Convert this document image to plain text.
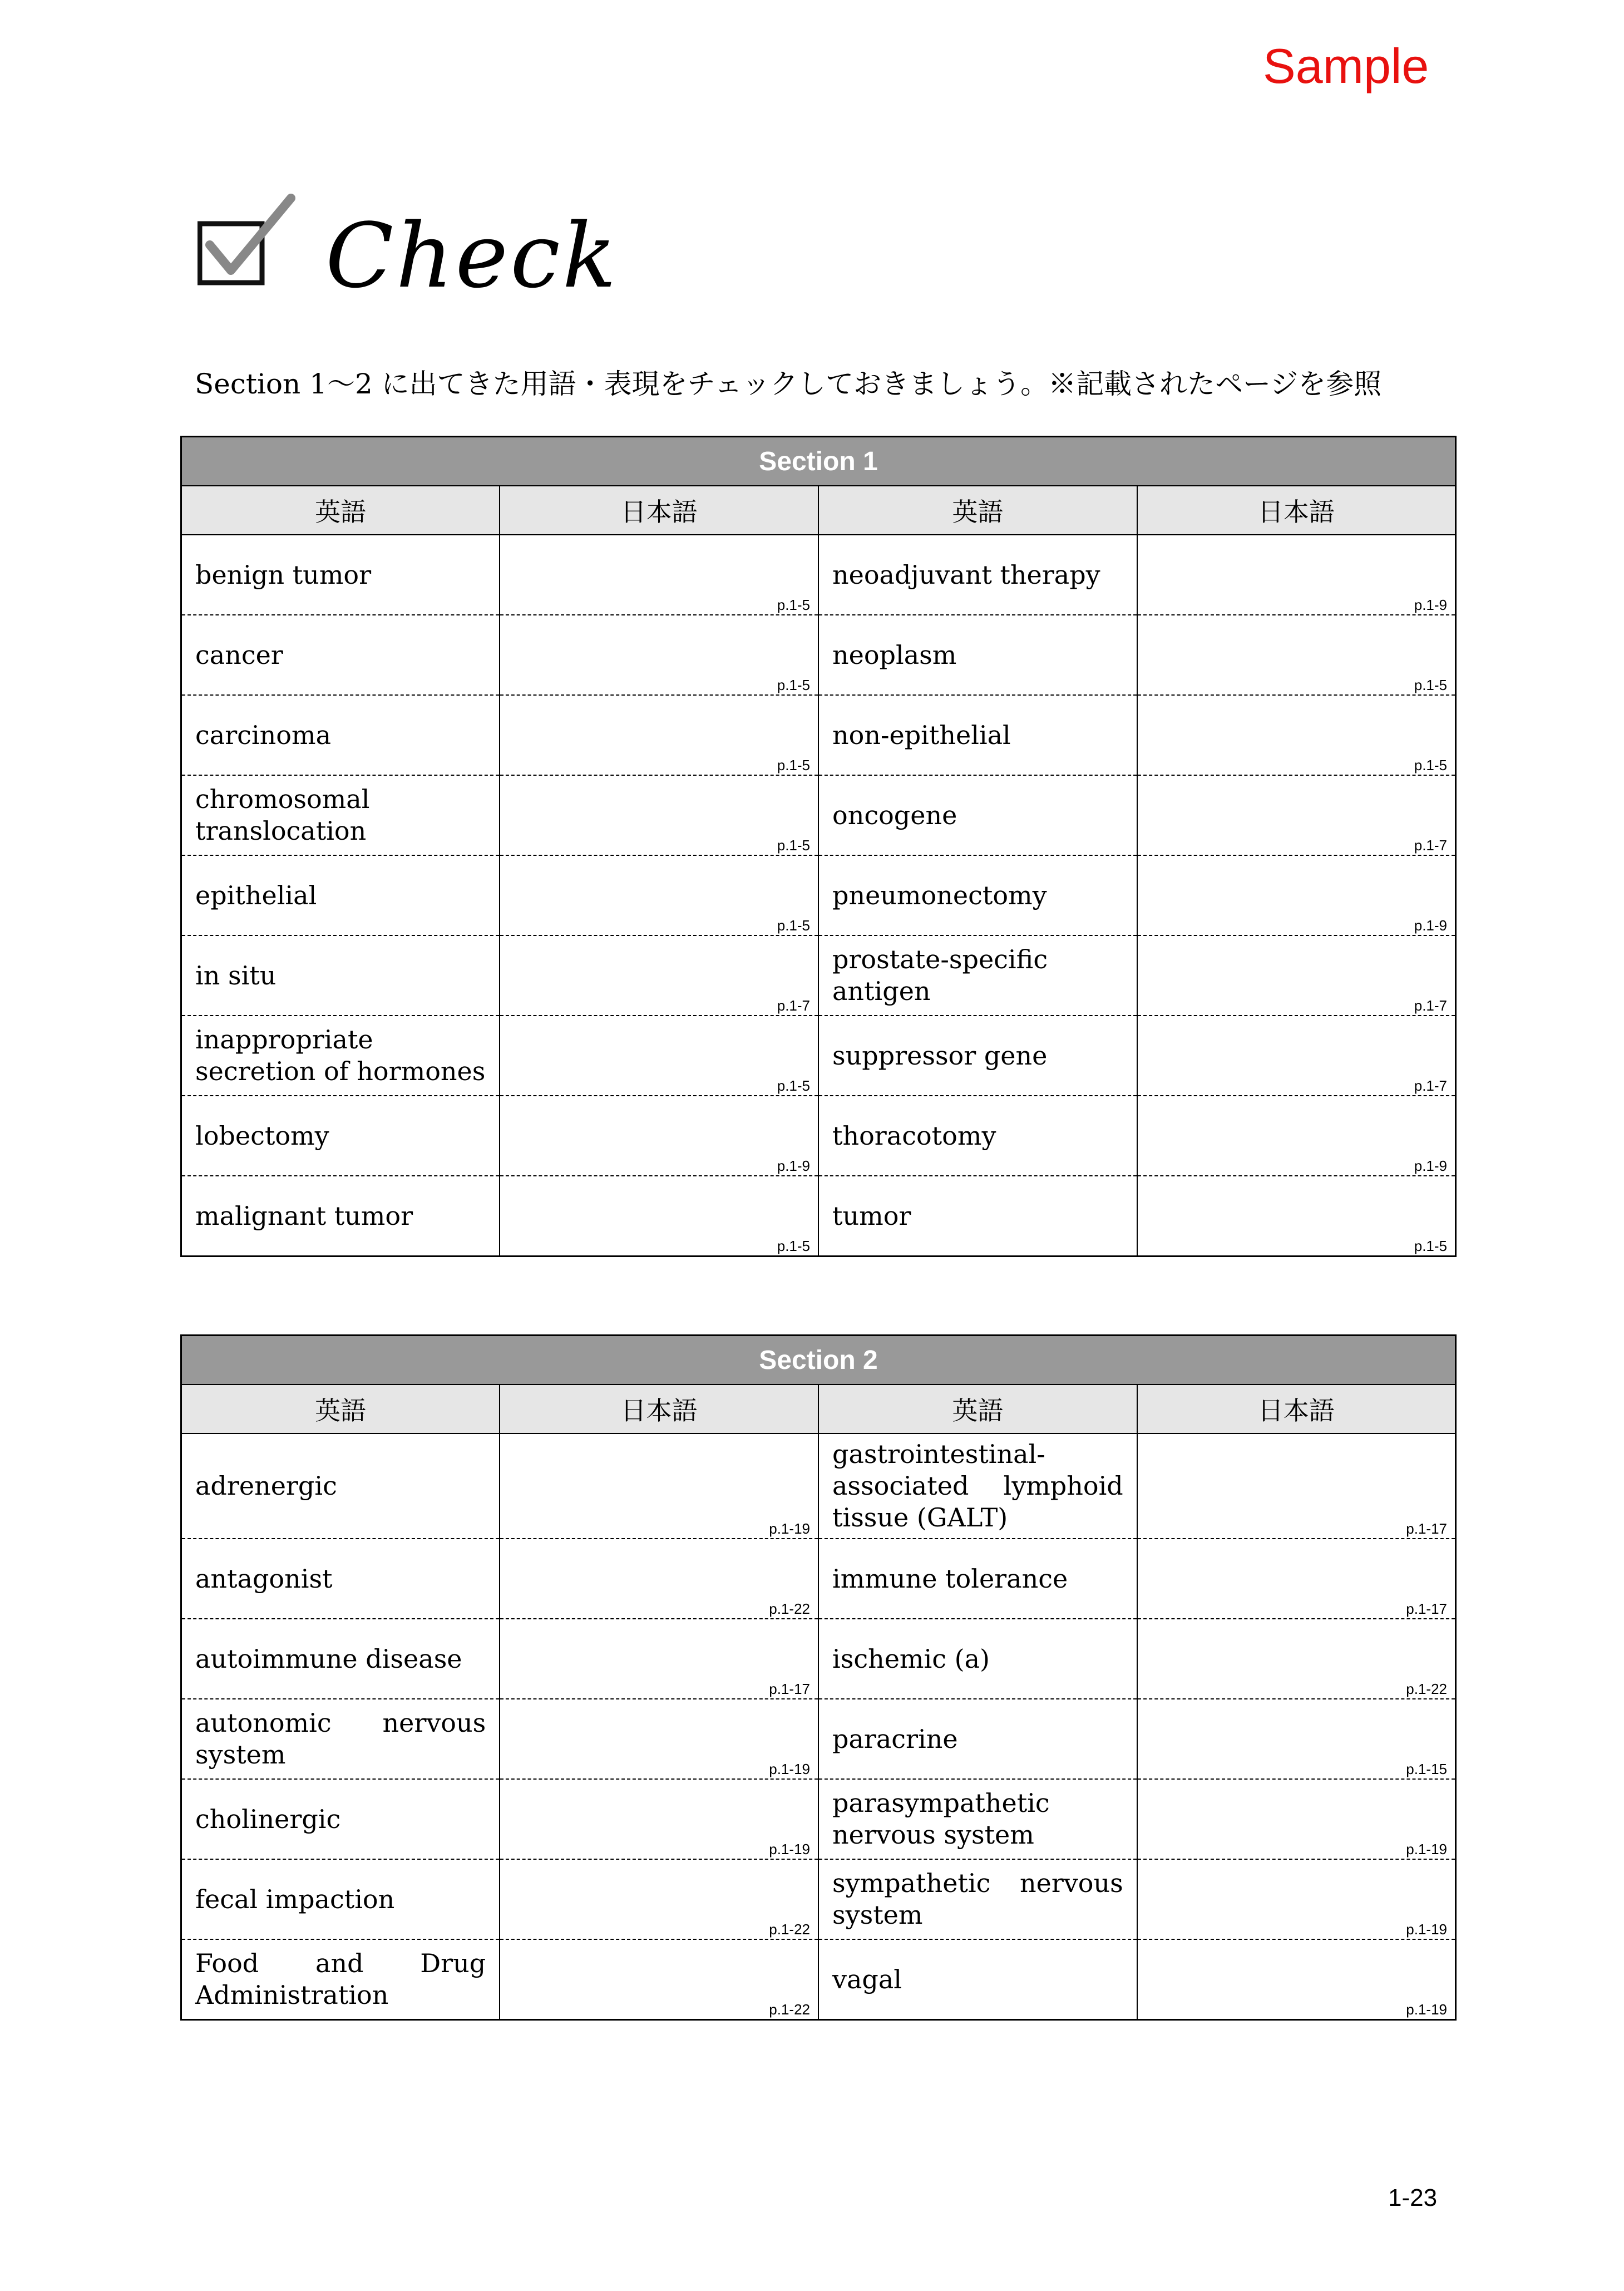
Sample
Check
Section 1～2 に出てきた用語・表現をチェックしておきましょう。※記載されたページを参照
Section 1			
英語	日本語	英語	日本語

benign tumor	p.1-5	neoadjuvant therapy	p.1-9

cancer	p.1-5	neoplasm	p.1-5

carcinoma	p.1-5	non-epithelial	p.1-5

chromosomal translocation	p.1-5	oncogene	p.1-7

epithelial	p.1-5	pneumonectomy	p.1-9

in situ	p.1-7	prostate-specific antigen	p.1-7

inappropriate secretion of hormones	p.1-5	suppressor gene	p.1-7

lobectomy	p.1-9	thoracotomy	p.1-9

malignant tumor	p.1-5	tumor	p.1-5
Section 2			
英語	日本語	英語	日本語

adrenergic	p.1-19	gastrointestinal-associated lymphoid tissue (GALT)	p.1-17

antagonist	p.1-22	immune tolerance	p.1-17

autoimmune disease	p.1-17	ischemic (a)	p.1-22

autonomic nervous system	p.1-19	paracrine	p.1-15

cholinergic	p.1-19	parasympathetic nervous system	p.1-19

fecal impaction	p.1-22	sympathetic nervous system	p.1-19

Food and Drug Administration	p.1-22	vagal	p.1-19
1-23
